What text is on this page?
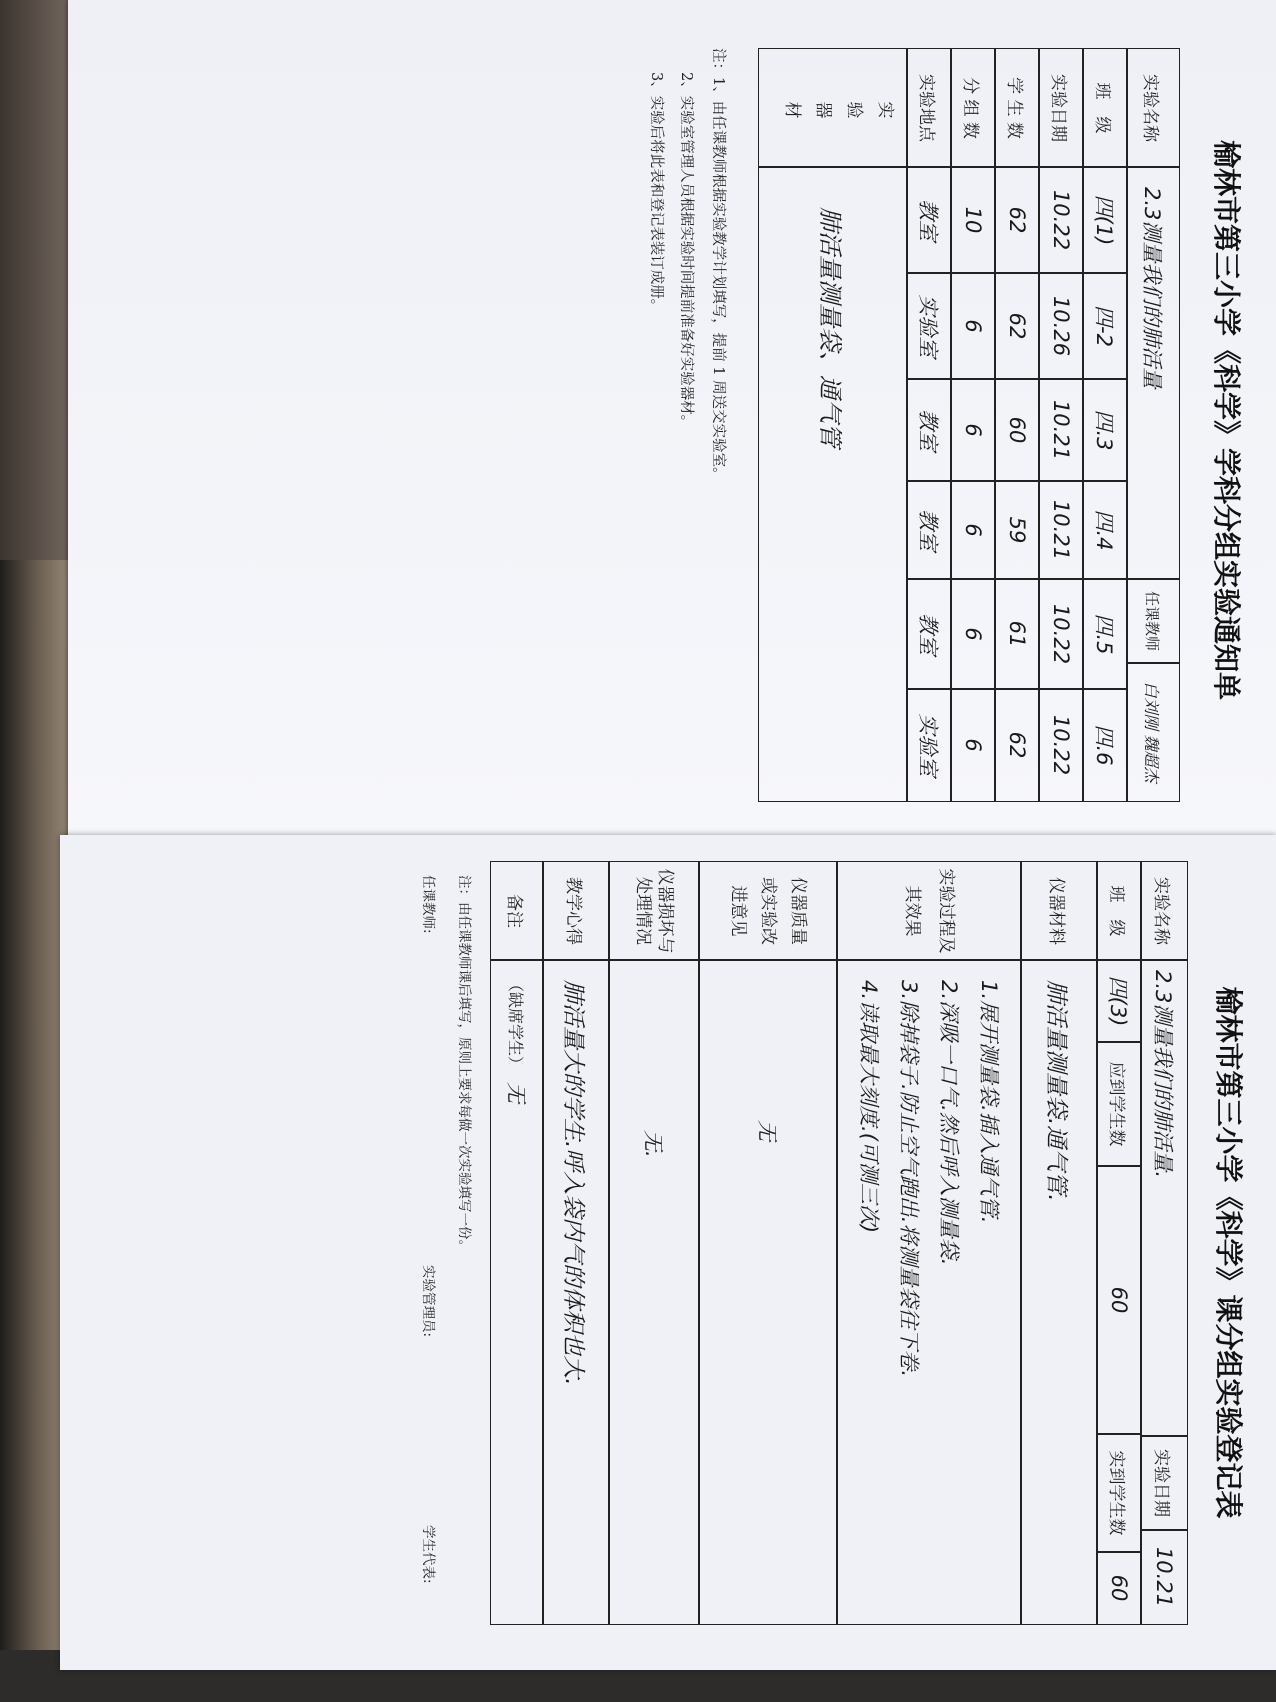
榆林市第三小学《科学》学科分组实验通知单
实验名称
2.3测量我们的肺活量
任课教师
白刘刚 魏超杰
班　级
实验日期
学 生 数
分 组 数
实验地点
实验器材
四(1)
四-2
四.3
四.4
四.5
四.6
10.22
10.26
10.21
10.21
10.22
10.22
62
62
60
59
61
62
10
6
6
6
6
6
教室
实验室
教室
教室
教室
实验室
肺活量测量袋、通气管
注：1、由任课教师根据实验教学计划填写，提前 1 周送交实验室。
2、实验室管理人员根据实验时间提前准备好实验器材。
3、实验后将此表和登记表装订成册。
榆林市第三小学《科学》课分组实验登记表
实验名称
2.3测量我们的肺活量.
实验日期
10.21
班　级
四(3)
应到学生数
60
实到学生数
60
仪器材料
肺活量测量袋.通气管.
实验过程及其效果
1.展开测量袋.插入通气管.
2.深吸一口气.然后呼入测量袋.
3.除掉袋子.防止空气跑出.将测量袋往下卷.
4.读取最大刻度.(可测三次)
仪器质量或实验改进意见
无
仪器损坏与处理情况
无.
教学心得
肺活量大的学生.呼入袋内气的体积也大.
备注
（缺席学生）
无
注：由任课教师课后填写，原则上要求每做一次实验填写一份。
任课教师:
实验管理员:
学生代表:
